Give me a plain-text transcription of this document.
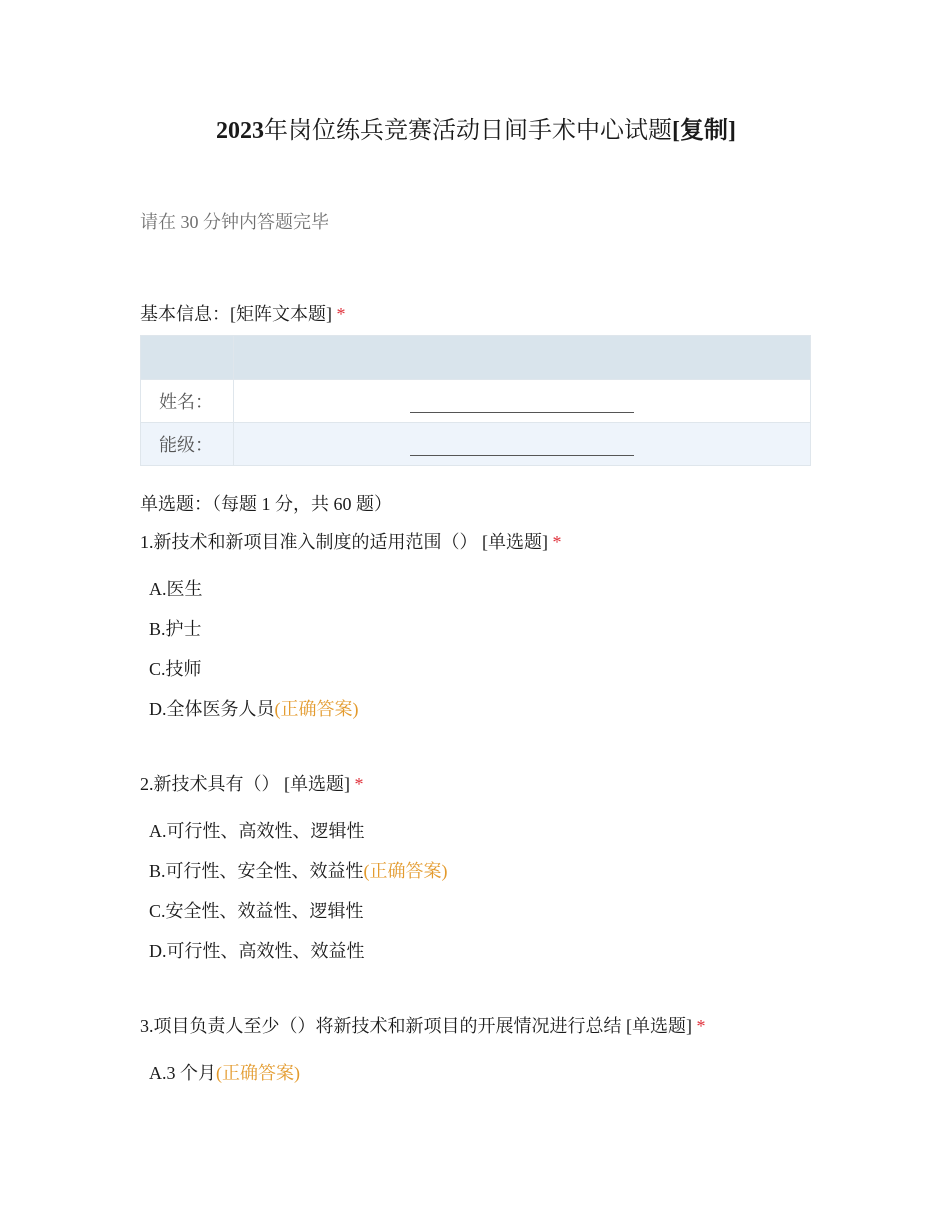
2023年岗位练兵竞赛活动日间手术中心试题[复制]
请在 30 分钟内答题完毕
基本信息：[矩阵文本题] *

姓名：	
能级：	
单选题：（每题 1 分，共 60 题）
1.新技术和新项目准入制度的适用范围（） [单选题] *
A.医生
B.护士
C.技师
D.全体医务人员(正确答案)
2.新技术具有（） [单选题] *
A.可行性、高效性、逻辑性
B.可行性、安全性、效益性(正确答案)
C.安全性、效益性、逻辑性
D.可行性、高效性、效益性
3.项目负责人至少（）将新技术和新项目的开展情况进行总结 [单选题] *
A.3 个月(正确答案)
